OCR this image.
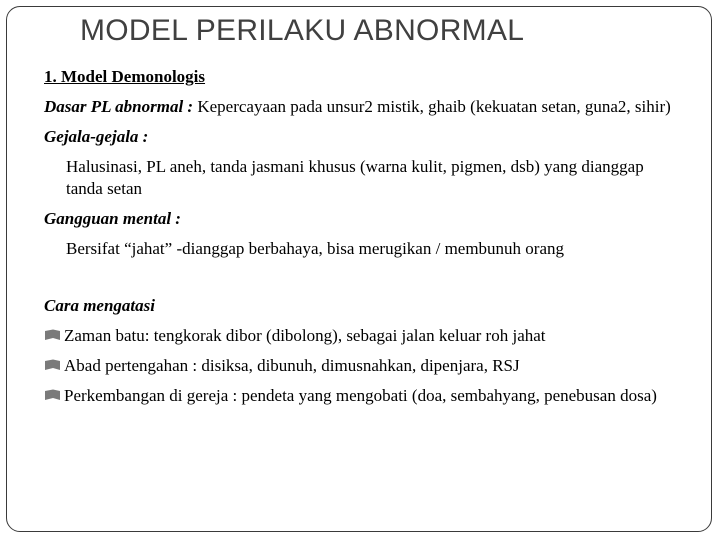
MODEL PERILAKU ABNORMAL
1. Model Demonologis
Dasar PL abnormal : Kepercayaan pada unsur2 mistik, ghaib (kekuatan setan, guna2, sihir)
Gejala-gejala :
Halusinasi, PL aneh, tanda jasmani khusus (warna kulit, pigmen, dsb) yang dianggap tanda setan
Gangguan mental :
Bersifat “jahat” -dianggap berbahaya, bisa merugikan / membunuh orang
Cara mengatasi
Zaman batu: tengkorak dibor (dibolong), sebagai jalan keluar roh jahat
Abad pertengahan : disiksa, dibunuh, dimusnahkan, dipenjara, RSJ
Perkembangan di gereja : pendeta yang mengobati (doa, sembahyang, penebusan dosa)
